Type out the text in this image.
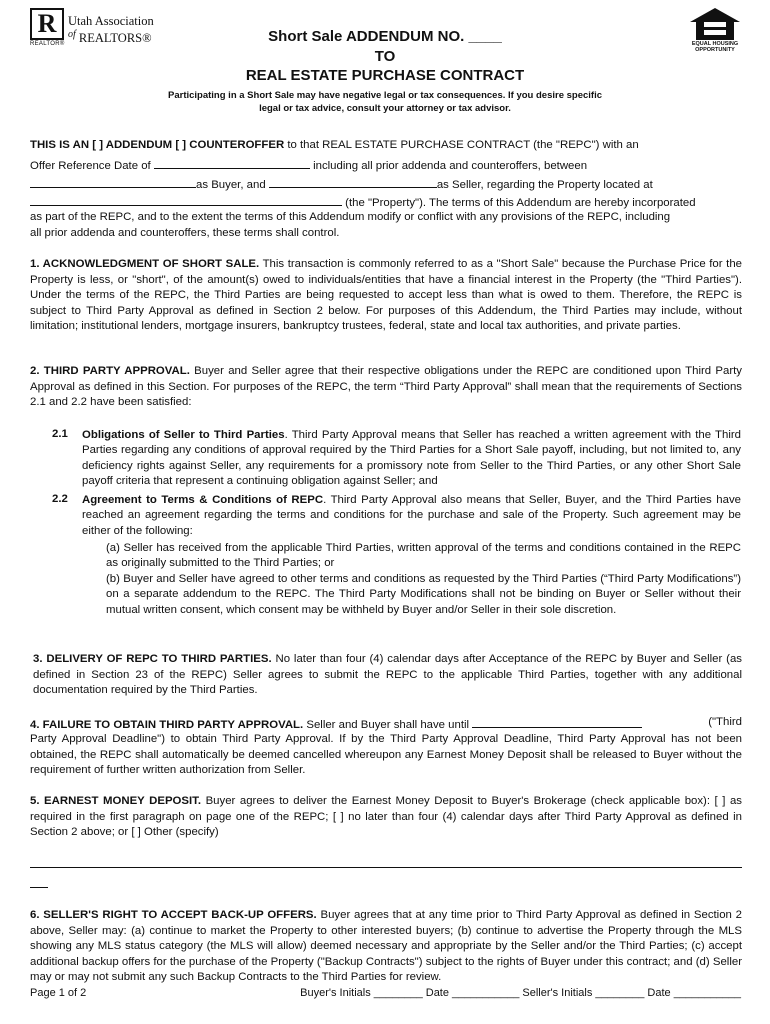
R
REALTOR®
Utah Association
$^{of}$ REALTORS®	EQUAL HOUSING
OPPORTUNITY
Short Sale ADDENDUM NO. ____
TO
REAL ESTATE PURCHASE CONTRACT
Participating in a Short Sale may have negative legal or tax consequences. If you desire specific
legal or tax advice, consult your attorney or tax advisor.
THIS IS AN [ ] ADDENDUM [ ] COUNTEROFFER to that REAL ESTATE PURCHASE CONTRACT (the "REPC") with an
Offer Reference Date of	including all prior addenda and counteroffers, between
as Buyer, and	as Seller, regarding the Property located at
(the "Property"). The terms of this Addendum are hereby incorporated
as part of the REPC, and to the extent the terms of this Addendum modify or conflict with any provisions of the REPC, including
all prior addenda and counteroffers, these terms shall control.
1. ACKNOWLEDGMENT OF SHORT SALE. This transaction is commonly referred to as a "Short Sale" because the Purchase Price for the Property is less, or "short", of the amount(s) owed to individuals/entities that have a financial interest in the Property (the "Third Parties"). Under the terms of the REPC, the Third Parties are being requested to accept less than what is owed to them. Therefore, the REPC is subject to Third Party Approval as defined in Section 2 below. For purposes of this Addendum, the Third Parties may include, without limitation; institutional lenders, mortgage insurers, bankruptcy trustees, federal, state and local tax authorities, and private parties.
2. THIRD PARTY APPROVAL. Buyer and Seller agree that their respective obligations under the REPC are conditioned upon Third Party Approval as defined in this Section. For purposes of the REPC, the term “Third Party Approval” shall mean that the requirements of Sections 2.1 and 2.2 have been satisfied:
2.1 Obligations of Seller to Third Parties. Third Party Approval means that Seller has reached a written agreement with the Third Parties regarding any conditions of approval required by the Third Parties for a Short Sale payoff, including, but not limited to, any deficiency rights against Seller, any requirements for a promissory note from Seller to the Third Parties, or any other Short Sale payoff criteria that represent a continuing obligation against Seller; and
2.2 Agreement to Terms & Conditions of REPC. Third Party Approval also means that Seller, Buyer, and the Third Parties have reached an agreement regarding the terms and conditions for the purchase and sale of the Property. Such agreement may be either of the following:
(a) Seller has received from the applicable Third Parties, written approval of the terms and conditions contained in the REPC as originally submitted to the Third Parties; or
(b) Buyer and Seller have agreed to other terms and conditions as requested by the Third Parties (“Third Party Modifications”) on a separate addendum to the REPC. The Third Party Modifications shall not be binding on Buyer or Seller without their mutual written consent, which consent may be withheld by Buyer and/or Seller in their sole discretion.
3. DELIVERY OF REPC TO THIRD PARTIES. No later than four (4) calendar days after Acceptance of the REPC by Buyer and Seller (as defined in Section 23 of the REPC) Seller agrees to submit the REPC to the applicable Third Parties, together with any additional documentation required by the Third Parties.
4. FAILURE TO OBTAIN THIRD PARTY APPROVAL. Seller and Buyer shall have until	("Third
Party Approval Deadline") to obtain Third Party Approval. If by the Third Party Approval Deadline, Third Party Approval has not been obtained, the REPC shall automatically be deemed cancelled whereupon any Earnest Money Deposit shall be released to Buyer without the requirement of further written authorization from Seller.
5. EARNEST MONEY DEPOSIT. Buyer agrees to deliver the Earnest Money Deposit to Buyer's Brokerage (check applicable box): [ ] as required in the first paragraph on page one of the REPC; [ ] no later than four (4) calendar days after Third Party Approval as defined in Section 2 above; or [ ] Other (specify)
6. SELLER'S RIGHT TO ACCEPT BACK-UP OFFERS. Buyer agrees that at any time prior to Third Party Approval as defined in Section 2 above, Seller may: (a) continue to market the Property to other interested buyers; (b) continue to advertise the Property through the MLS showing any MLS status category (the MLS will allow) deemed necessary and appropriate by the Seller and/or the Third Parties; (c) accept additional backup offers for the purchase of the Property ("Backup Contracts") subject to the rights of Buyer under this contract; and (d) Seller may or may not submit any such Backup Contracts to the Third Parties for review.
Page 1 of 2	Buyer's Initials ________ Date ___________ Seller's Initials ________ Date ___________
